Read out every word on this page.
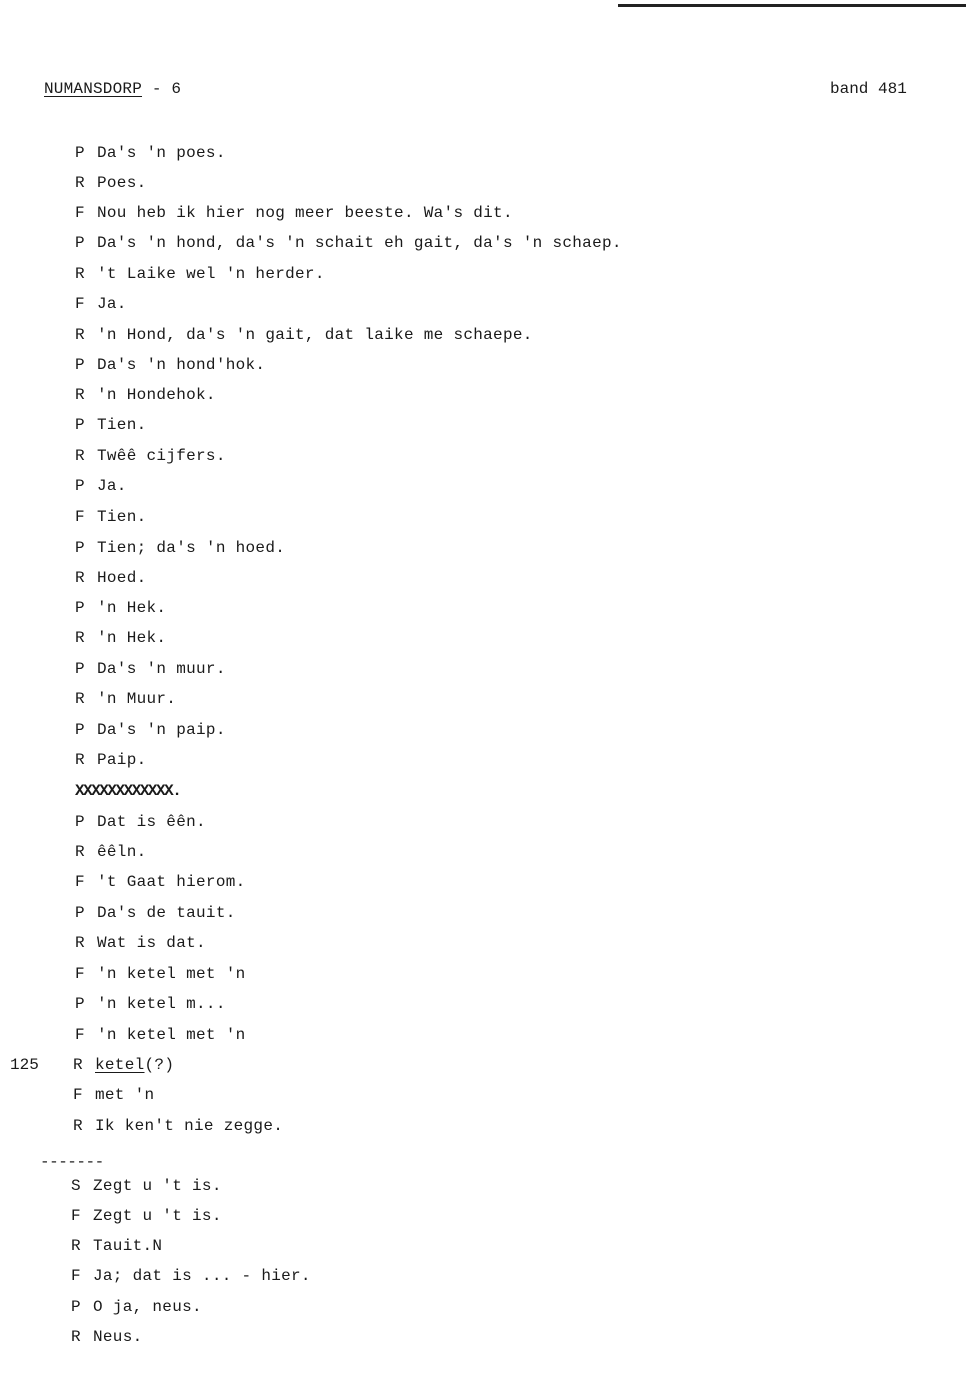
NUMANSDORP - 6	band 481
P Da's 'n poes.
R Poes.
F Nou heb ik hier nog meer beeste. Wa's dit.
P Da's 'n hond, da's 'n schait eh gait, da's 'n schaep.
R 't Laike wel 'n herder.
F Ja.
R 'n Hond, da's 'n gait, dat laike me schaepe.
P Da's 'n hond'hok.
R 'n Hondehok.
P Tien.
R Twêê cijfers.
P Ja.
F Tien.
P Tien; da's 'n hoed.
R Hoed.
P 'n Hek.
R 'n Hek.
P Da's 'n muur.
R 'n Muur.
P Da's 'n paip.
R Paip.
XXXXXXXXXXXX.
P Dat is êên.
R êêln.
F 't Gaat hierom.
P Da's de tauit.
R Wat is dat.
F 'n ketel met 'n
P 'n ketel m...
F 'n ketel met 'n
125 R ketel(?)
F met 'n
R Ik ken't nie zegge.
-------
S Zegt u 't is.
F Zegt u 't is.
R Tauit.N
F Ja; dat is ... - hier.
P O ja, neus.
R Neus.
